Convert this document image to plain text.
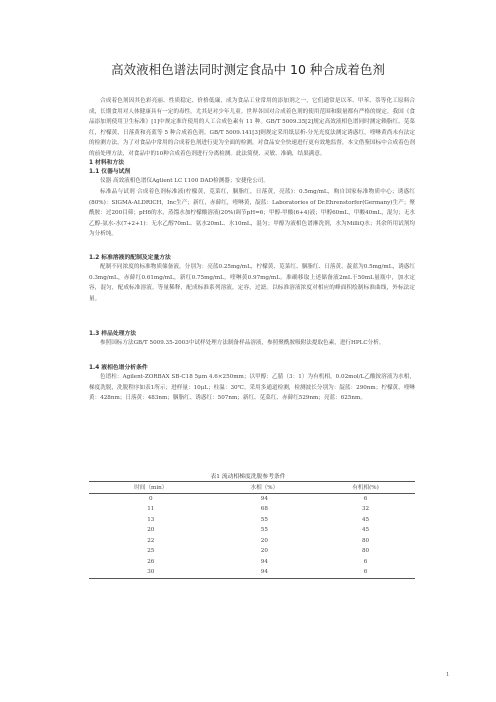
高效液相色谱法同时测定食品中 10 种合成着色剂

合成着色剂因其色彩亮丽、性质稳定、价格低廉，成为食品工业常用的添加剂之一，它们通常是以苯、甲苯、萘等化工原料合成，长期食用对人体健康具有一定的毒性，尤其是对少年儿童。世界各国对合成着色剂的使用范围和限量都有严格的规定。我国《食品添加剂使用卫生标准》[1]中规定准许使用的人工合成色素有 11 种。GB/T 5009.35[2]规定高效液相色谱同时测定赖脂红、苋菜红，柠檬黄、日落黄和亮蓝等 5 种合成着色剂。GB/T 5009.141[3]则规定采用纸层析-分光光度法测定诱惑红，喹啉黄尚未有法定的检测方法。为了对食品中常用的合成着色剂进行更为全面的检测，对食品安全快速进行更有效地监督，本文借鉴国标中合成着色剂的前处理方法，对食品中的10种合成着色剂进行分离检测。此法简便、灵敏、准确，结果满意。

1 材料和方法

1.1 仪器与试剂

仪器 高效液相色谱仪Aglient LC 1100 DAD检测器；安捷伦公司。

标准品与试剂 合成着色剂标准液(柠檬黄，苋菜红，胭脂红，日落黄，亮蓝)：0.5mg/mL，购自国家标准物质中心；诱惑红(80%)：SIGMA-ALDRICH，Inc生产；新红，赤藓红，喹啉黄，靛蓝：Laboratories of Dr.Ehrenstorfer(Germany)生产；聚酰胺：过200目筛；pH6的水，蒸馏水加柠檬酸溶液(20%)调节pH=6；甲醇-甲酸(6+4)液；甲醇60mL，甲酸40mL，混匀；无水乙醇-氨水-水(7+2+1)：无水乙醇70mL、氨水20mL、水10mL，混匀；甲醇为液相色谱淋洗剂，水为MilliQ水；其余所用试剂均为分析纯。

1.2 标准溶液的配制及定量方法

配制不同浓度的标准物质储备液，分别为：亮蓝0.25mg/mL，柠檬黄、苋菜红、胭脂红、日落黄、靛蓝为0.5mg/mL，诱惑红0.3mg/mL，赤藓红0.61mg/mL，新红0.75mg/mL，喹啉黄0.97mg/mL。准确移取上述储备液2mL于50mL量瓶中，加水定容，混匀，配成标准溶液。等量稀释，配成标准系列溶液，定容，过滤。以标准溶液浓度对相应的峰面积绘制标准曲线，外标法定量。

1.3 样品处理方法

参照国标方法GB/T 5009.35-2003中试样处理方法制备样品溶液，参照聚酰胺吸附法提取色素，进行HPLC分析。

1.4 液相色谱分析条件

色谱柱：Agilent-ZORBAX SB-C18 5μm 4.6×250mm；以甲醇：乙腈（3：1）为有机相，0.02mol/L乙酸铵溶液为水相，梯度洗脱，洗脱程序如表1所示；进样量：10μL；柱温：30℃。采用多通道检测，检测波长分别为：靛蓝：290nm；柠檬黄、喹啉黄：428nm；日落黄：483nm；胭脂红、诱惑红：507nm；新红、苋菜红、赤藓红529nm；亮蓝：625nm。

表1 流动相梯度洗脱参考条件
时间（min）	水相（%）	有机相(%)
0	94	6
11	68	32
13	55	45
20	55	45
22	20	80
25	20	80
26	94	6
30	94	6
1
